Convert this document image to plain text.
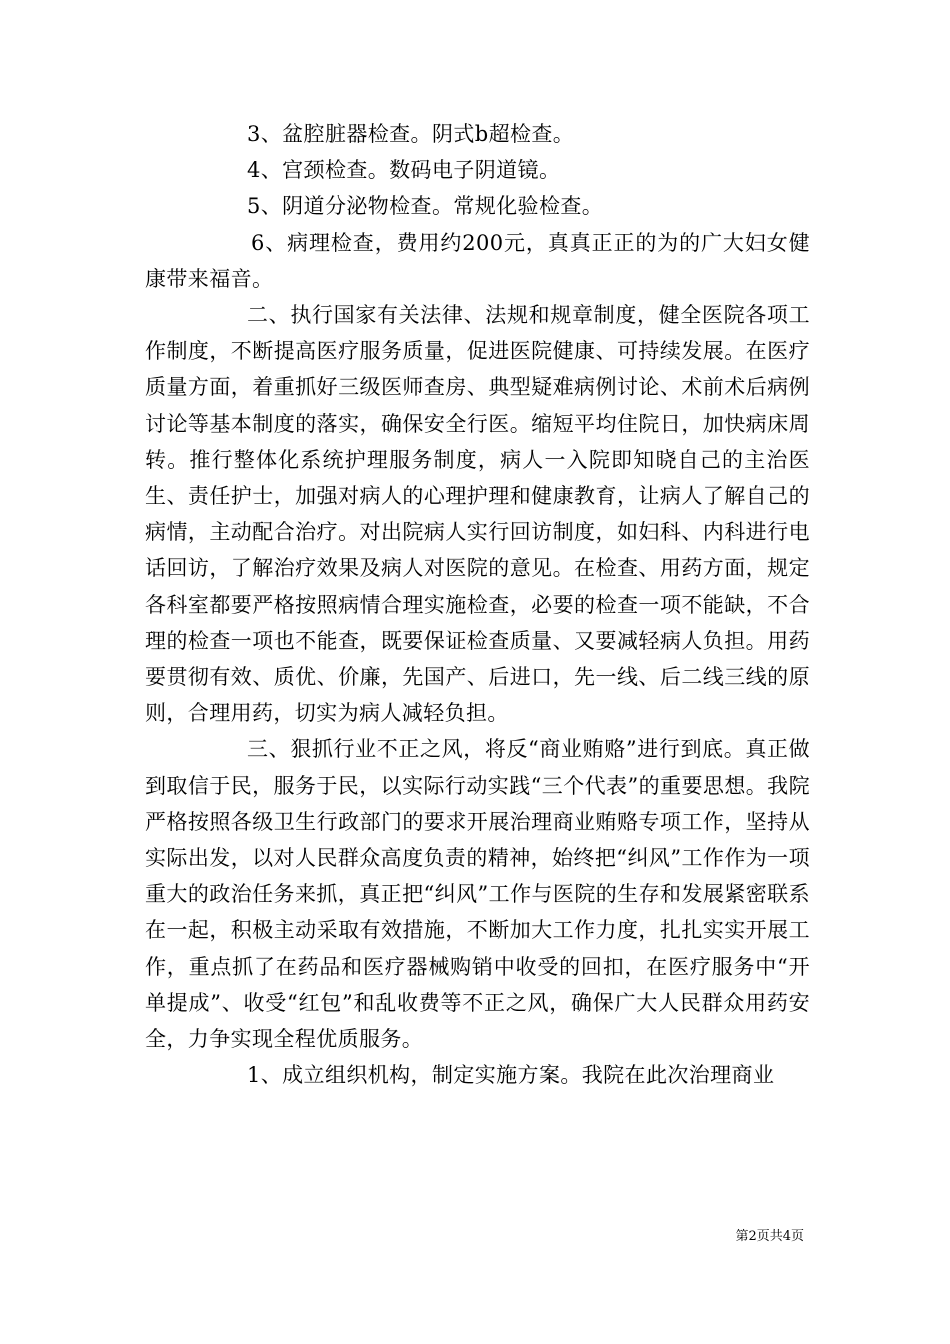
3、盆腔脏器检查。阴式b超检查。

4、宫颈检查。数码电子阴道镜。

5、阴道分泌物检查。常规化验检查。

6、病理检查，费用约200元，真真正正的为的广大妇女健康带来福音。

二、执行国家有关法律、法规和规章制度，健全医院各项工作制度，不断提高医疗服务质量，促进医院健康、可持续发展。在医疗质量方面，着重抓好三级医师查房、典型疑难病例讨论、术前术后病例讨论等基本制度的落实，确保安全行医。缩短平均住院日，加快病床周转。推行整体化系统护理服务制度，病人一入院即知晓自己的主治医生、责任护士，加强对病人的心理护理和健康教育，让病人了解自己的病情，主动配合治疗。对出院病人实行回访制度，如妇科、内科进行电话回访，了解治疗效果及病人对医院的意见。在检查、用药方面，规定各科室都要严格按照病情合理实施检查，必要的检查一项不能缺，不合理的检查一项也不能查，既要保证检查质量、又要减轻病人负担。用药要贯彻有效、质优、价廉，先国产、后进口，先一线、后二线三线的原则，合理用药，切实为病人减轻负担。

三、狠抓行业不正之风，将反“商业贿赂”进行到底。真正做到取信于民，服务于民，以实际行动实践“三个代表”的重要思想。我院严格按照各级卫生行政部门的要求开展治理商业贿赂专项工作，坚持从实际出发，以对人民群众高度负责的精神，始终把“纠风”工作作为一项重大的政治任务来抓，真正把“纠风”工作与医院的生存和发展紧密联系在一起，积极主动采取有效措施，不断加大工作力度，扎扎实实开展工作，重点抓了在药品和医疗器械购销中收受的回扣，在医疗服务中“开单提成”、收受“红包”和乱收费等不正之风，确保广大人民群众用药安全，力争实现全程优质服务。

1、成立组织机构，制定实施方案。我院在此次治理商业

第2页共4页
